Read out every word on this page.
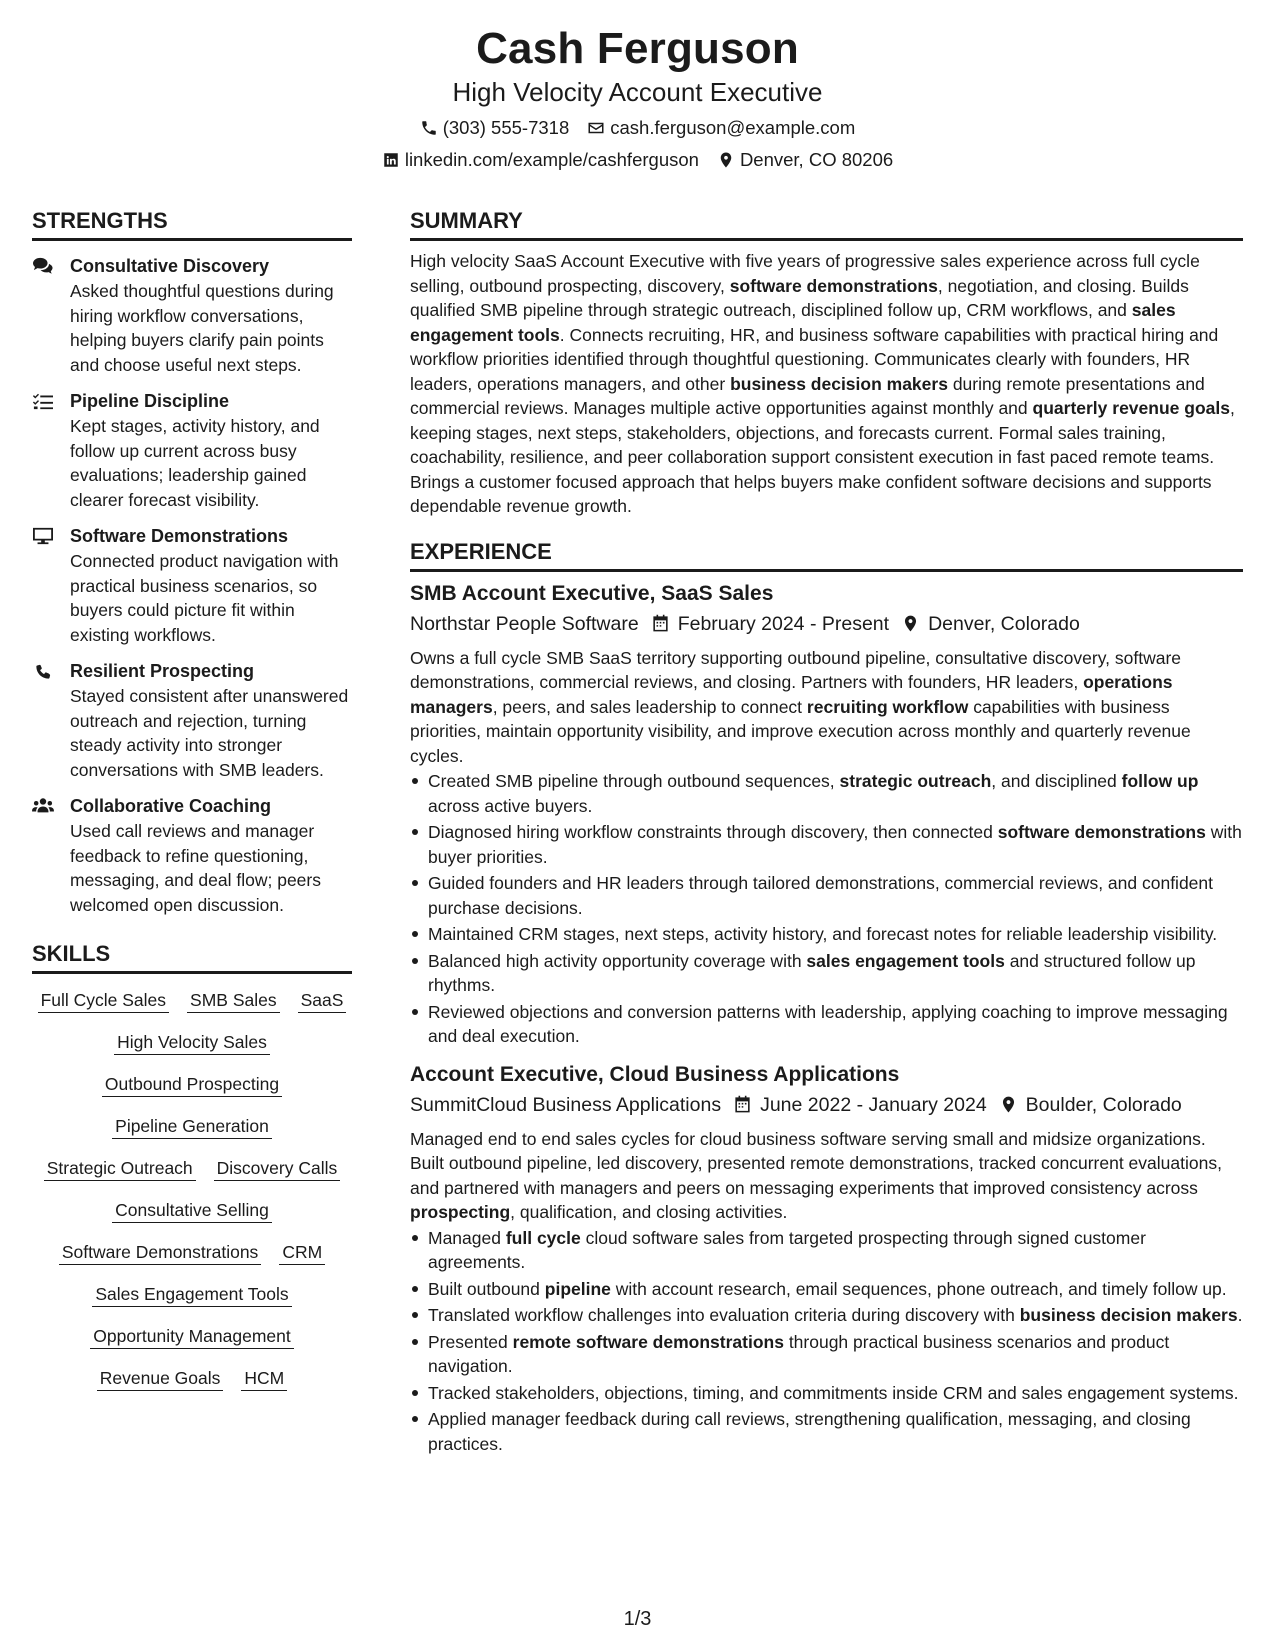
Cash Ferguson
High Velocity Account Executive
(303) 555-7318 cash.ferguson@example.com
linkedin.com/example/cashferguson Denver, CO 80206
STRENGTHS
Consultative Discovery
Asked thoughtful questions during hiring workflow conversations, helping buyers clarify pain points and choose useful next steps.
Pipeline Discipline
Kept stages, activity history, and follow up current across busy evaluations; leadership gained clearer forecast visibility.
Software Demonstrations
Connected product navigation with practical business scenarios, so buyers could picture fit within existing workflows.
Resilient Prospecting
Stayed consistent after unanswered outreach and rejection, turning steady activity into stronger conversations with SMB leaders.
Collaborative Coaching
Used call reviews and manager feedback to refine questioning, messaging, and deal flow; peers welcomed open discussion.
SKILLS
Full Cycle Sales SMB Sales SaaS
High Velocity Sales
Outbound Prospecting
Pipeline Generation
Strategic Outreach Discovery Calls
Consultative Selling
Software Demonstrations CRM
Sales Engagement Tools
Opportunity Management
Revenue Goals HCM
SUMMARY
High velocity SaaS Account Executive with five years of progressive sales experience across full cycle selling, outbound prospecting, discovery, software demonstrations, negotiation, and closing. Builds qualified SMB pipeline through strategic outreach, disciplined follow up, CRM workflows, and sales engagement tools. Connects recruiting, HR, and business software capabilities with practical hiring and workflow priorities identified through thoughtful questioning. Communicates clearly with founders, HR leaders, operations managers, and other business decision makers during remote presentations and commercial reviews. Manages multiple active opportunities against monthly and quarterly revenue goals, keeping stages, next steps, stakeholders, objections, and forecasts current. Formal sales training, coachability, resilience, and peer collaboration support consistent execution in fast paced remote teams. Brings a customer focused approach that helps buyers make confident software decisions and supports dependable revenue growth.
EXPERIENCE
SMB Account Executive, SaaS Sales
Northstar People Software February 2024 - Present Denver, Colorado
Owns a full cycle SMB SaaS territory supporting outbound pipeline, consultative discovery, software demonstrations, commercial reviews, and closing. Partners with founders, HR leaders, operations managers, peers, and sales leadership to connect recruiting workflow capabilities with business priorities, maintain opportunity visibility, and improve execution across monthly and quarterly revenue cycles.
Created SMB pipeline through outbound sequences, strategic outreach, and disciplined follow up across active buyers.
Diagnosed hiring workflow constraints through discovery, then connected software demonstrations with buyer priorities.
Guided founders and HR leaders through tailored demonstrations, commercial reviews, and confident purchase decisions.
Maintained CRM stages, next steps, activity history, and forecast notes for reliable leadership visibility.
Balanced high activity opportunity coverage with sales engagement tools and structured follow up rhythms.
Reviewed objections and conversion patterns with leadership, applying coaching to improve messaging and deal execution.
Account Executive, Cloud Business Applications
SummitCloud Business Applications June 2022 - January 2024 Boulder, Colorado
Managed end to end sales cycles for cloud business software serving small and midsize organizations. Built outbound pipeline, led discovery, presented remote demonstrations, tracked concurrent evaluations, and partnered with managers and peers on messaging experiments that improved consistency across prospecting, qualification, and closing activities.
Managed full cycle cloud software sales from targeted prospecting through signed customer agreements.
Built outbound pipeline with account research, email sequences, phone outreach, and timely follow up.
Translated workflow challenges into evaluation criteria during discovery with business decision makers.
Presented remote software demonstrations through practical business scenarios and product navigation.
Tracked stakeholders, objections, timing, and commitments inside CRM and sales engagement systems.
Applied manager feedback during call reviews, strengthening qualification, messaging, and closing practices.
1/3
